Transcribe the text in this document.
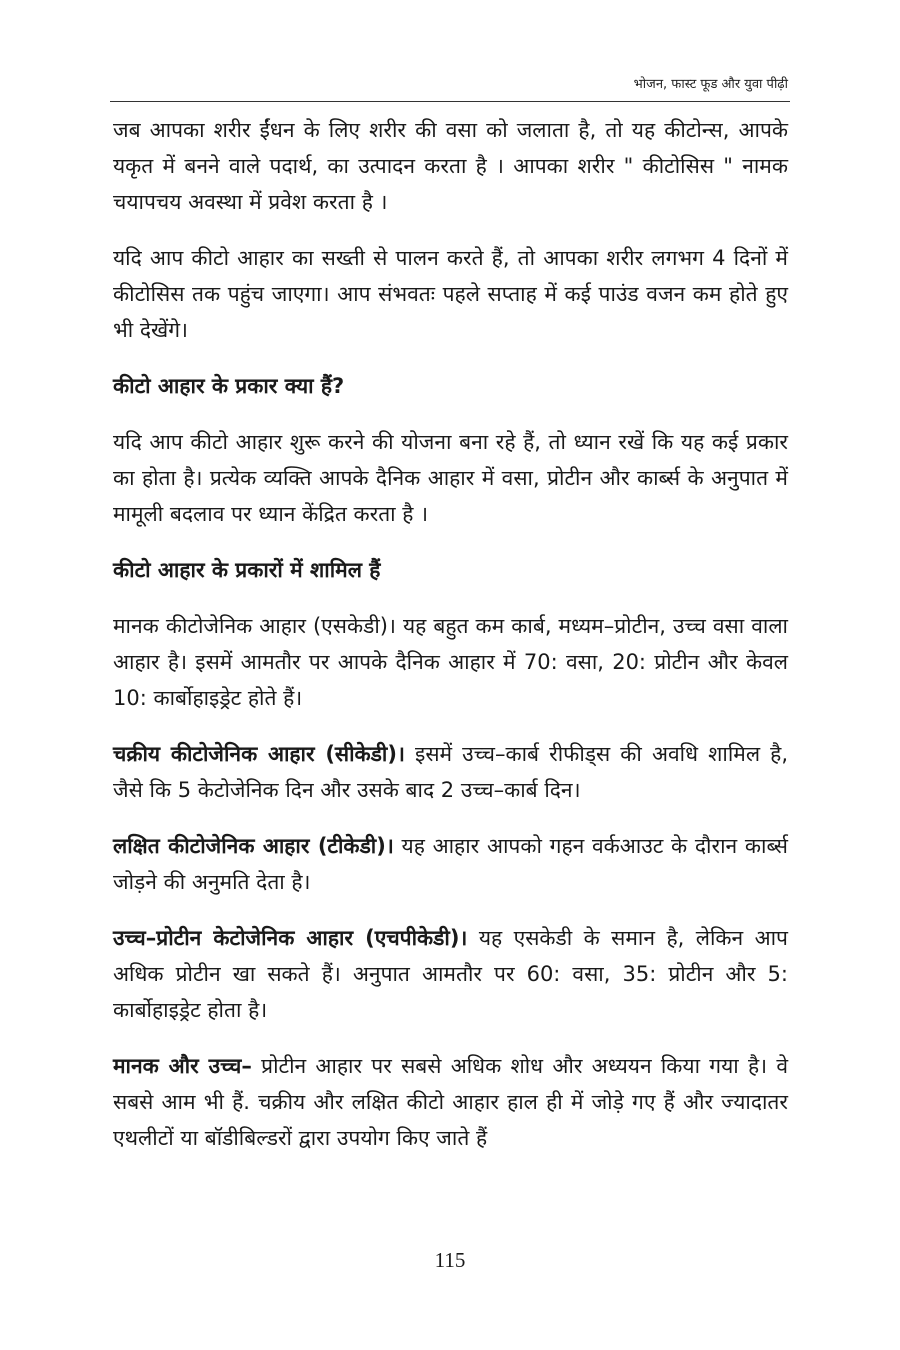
भोजन, फास्ट फूड और युवा पीढ़ी

जब आपका शरीर ईंधन के लिए शरीर की वसा को जलाता है, तो यह कीटोन्स, आपके यकृत में बनने वाले पदार्थ, का उत्पादन करता है । आपका शरीर " कीटोसिस " नामक चयापचय अवस्था में प्रवेश करता है ।

यदि आप कीटो आहार का सख्ती से पालन करते हैं, तो आपका शरीर लगभग 4 दिनों में कीटोसिस तक पहुंच जाएगा। आप संभवतः पहले सप्ताह में कई पाउंड वजन कम होते हुए भी देखेंगे।

कीटो आहार के प्रकार क्या हैं?

यदि आप कीटो आहार शुरू करने की योजना बना रहे हैं, तो ध्यान रखें कि यह कई प्रकार का होता है। प्रत्येक व्यक्ति आपके दैनिक आहार में वसा, प्रोटीन और कार्ब्स के अनुपात में मामूली बदलाव पर ध्यान केंद्रित करता है ।

कीटो आहार के प्रकारों में शामिल हैं

मानक कीटोजेनिक आहार (एसकेडी)। यह बहुत कम कार्ब, मध्यम–प्रोटीन, उच्च वसा वाला आहार है। इसमें आमतौर पर आपके दैनिक आहार में 70: वसा, 20: प्रोटीन और केवल 10: कार्बोहाइड्रेट होते हैं।

चक्रीय कीटोजेनिक आहार (सीकेडी)। इसमें उच्च–कार्ब रीफीड्स की अवधि शामिल है, जैसे कि 5 केटोजेनिक दिन और उसके बाद 2 उच्च–कार्ब दिन।

लक्षित कीटोजेनिक आहार (टीकेडी)। यह आहार आपको गहन वर्कआउट के दौरान कार्ब्स जोड़ने की अनुमति देता है।

उच्च–प्रोटीन केटोजेनिक आहार (एचपीकेडी)। यह एसकेडी के समान है, लेकिन आप अधिक प्रोटीन खा सकते हैं। अनुपात आमतौर पर 60: वसा, 35: प्रोटीन और 5: कार्बोहाइड्रेट होता है।

मानक और उच्च– प्रोटीन आहार पर सबसे अधिक शोध और अध्ययन किया गया है। वे सबसे आम भी हैं. चक्रीय और लक्षित कीटो आहार हाल ही में जोड़े गए हैं और ज्यादातर एथलीटों या बॉडीबिल्डरों द्वारा उपयोग किए जाते हैं

115
